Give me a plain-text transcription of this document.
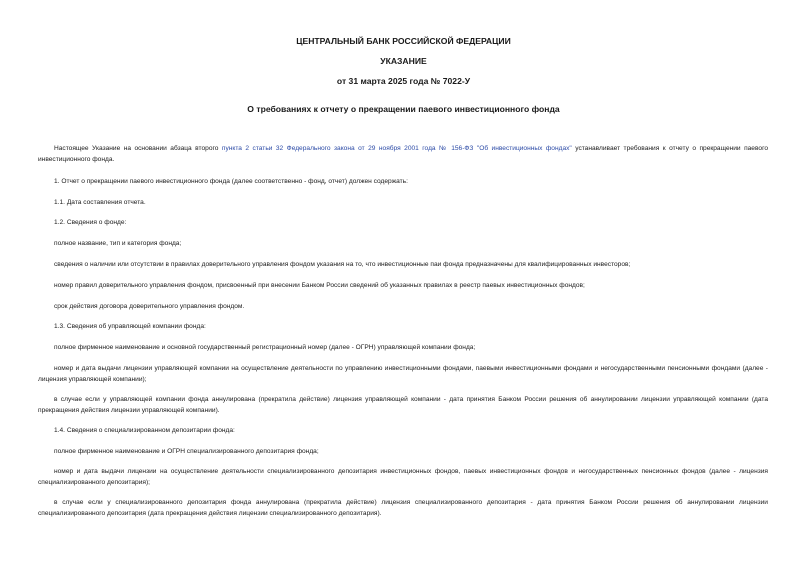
ЦЕНТРАЛЬНЫЙ БАНК РОССИЙСКОЙ ФЕДЕРАЦИИ
УКАЗАНИЕ
от 31 марта 2025 года № 7022-У
О требованиях к отчету о прекращении паевого инвестиционного фонда
Настоящее Указание на основании абзаца второго пункта 2 статьи 32 Федерального закона от 29 ноября 2001 года № 156-ФЗ "Об инвестиционных фондах" устанавливает требования к отчету о прекращении паевого инвестиционного фонда.
1. Отчет о прекращении паевого инвестиционного фонда (далее соответственно - фонд, отчет) должен содержать:
1.1. Дата составления отчета.
1.2. Сведения о фонде:
полное название, тип и категория фонда;
сведения о наличии или отсутствии в правилах доверительного управления фондом указания на то, что инвестиционные паи фонда предназначены для квалифицированных инвесторов;
номер правил доверительного управления фондом, присвоенный при внесении Банком России сведений об указанных правилах в реестр паевых инвестиционных фондов;
срок действия договора доверительного управления фондом.
1.3. Сведения об управляющей компании фонда:
полное фирменное наименование и основной государственный регистрационный номер (далее - ОГРН) управляющей компании фонда;
номер и дата выдачи лицензии управляющей компании на осуществление деятельности по управлению инвестиционными фондами, паевыми инвестиционными фондами и негосударственными пенсионными фондами (далее - лицензия управляющей компании);
в случае если у управляющей компании фонда аннулирована (прекратила действие) лицензия управляющей компании - дата принятия Банком России решения об аннулировании лицензии управляющей компании (дата прекращения действия лицензии управляющей компании).
1.4. Сведения о специализированном депозитарии фонда:
полное фирменное наименование и ОГРН специализированного депозитария фонда;
номер и дата выдачи лицензии на осуществление деятельности специализированного депозитария инвестиционных фондов, паевых инвестиционных фондов и негосударственных пенсионных фондов (далее - лицензия специализированного депозитария);
в случае если у специализированного депозитария фонда аннулирована (прекратила действие) лицензия специализированного депозитария - дата принятия Банком России решения об аннулировании лицензии специализированного депозитария (дата прекращения действия лицензии специализированного депозитария).
